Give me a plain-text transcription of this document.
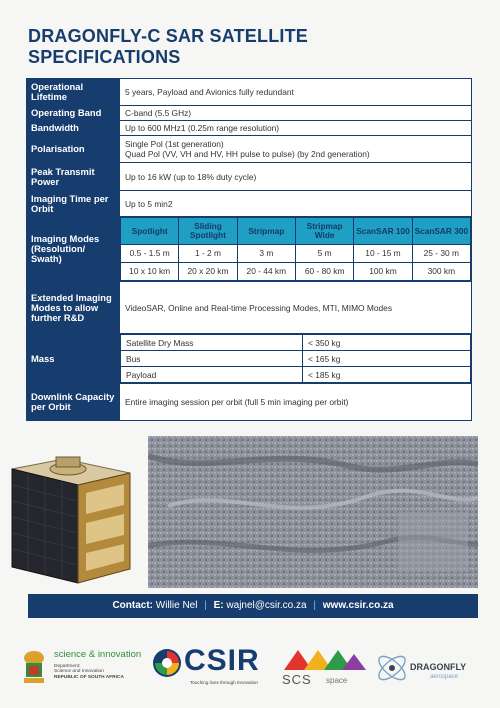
DRAGONFLY-C SAR SATELLITE
SPECIFICATIONS
Operational Lifetime	5 years, Payload and Avionics fully redundant
Operating Band	C-band (5.5 GHz)
Bandwidth	Up to 600 MHz1 (0.25m range resolution)
Polarisation	Single Pol (1st generation)
Quad Pol (VV, VH and HV, HH pulse to pulse) (by 2nd generation)

Peak Transmit Power	Up to 16 kW (up to 18% duty cycle)
Imaging Time per Orbit	Up to 5 min2
Imaging Modes (Resolution/ Swath)	
Spotlight	Sliding Spotlight	Stripmap	Stripmap Wide	ScanSAR 100	ScanSAR 300
0.5 - 1.5 m	1 - 2 m	3 m	5 m	10 - 15 m	25 - 30 m
10 x 10 km	20 x 20 km	20 - 44 km	60 - 80 km	100 km	300 km

Extended Imaging Modes to allow further R&D	VideoSAR, Online and Real-time Processing Modes, MTI, MIMO Modes
Mass	
Satellite Dry Mass	< 350 kg
Bus	< 165 kg
Payload	< 185 kg

Downlink Capacity per Orbit	Entire imaging session per orbit (full 5 min imaging per orbit)
Contact: Willie Nel | E: wajnel@csir.co.za | www.csir.co.za
science & innovation
Department:
Science and Innovation
REPUBLIC OF SOUTH AFRICA
CSIR
Touching lives through innovation SCS space
DRAGONFLY
aerospace
